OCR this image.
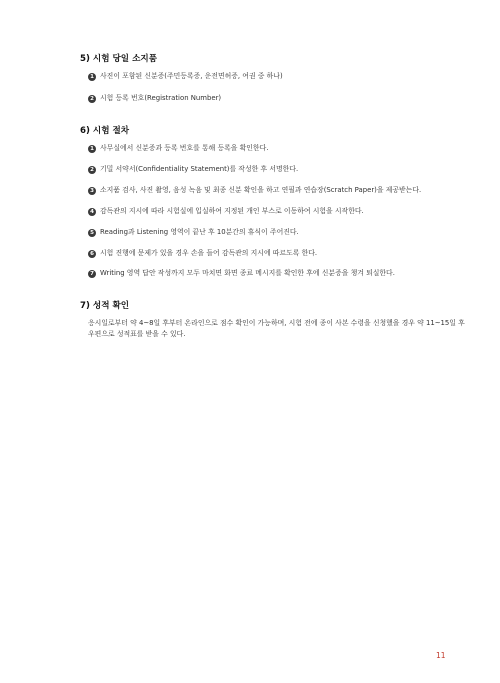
5) 시험 당일 소지품
1 사진이 포함된 신분증(주민등록증, 운전면허증, 여권 중 하나)
2 시험 등록 번호(Registration Number)
6) 시험 절차
1 사무실에서 신분증과 등록 번호를 통해 등록을 확인한다.
2 기밀 서약서(Confidentiality Statement)를 작성한 후 서명한다.
3 소지품 검사, 사진 촬영, 음성 녹음 및 최종 신분 확인을 하고 연필과 연습장(Scratch Paper)을 제공받는다.
4 감독관의 지시에 따라 시험실에 입실하여 지정된 개인 부스로 이동하여 시험을 시작한다.
5 Reading과 Listening 영역이 끝난 후 10분간의 휴식이 주어진다.
6 시험 진행에 문제가 있을 경우 손을 들어 감독관의 지시에 따르도록 한다.
7 Writing 영역 답안 작성까지 모두 마치면 화면 종료 메시지를 확인한 후에 신분증을 챙겨 퇴실한다.
7) 성적 확인

응시일로부터 약 4~8일 후부터 온라인으로 점수 확인이 가능하며, 시험 전에 종이 사본 수령을 신청했을 경우 약 11~15일 후 우편으로 성적표를 받을 수 있다.

11
